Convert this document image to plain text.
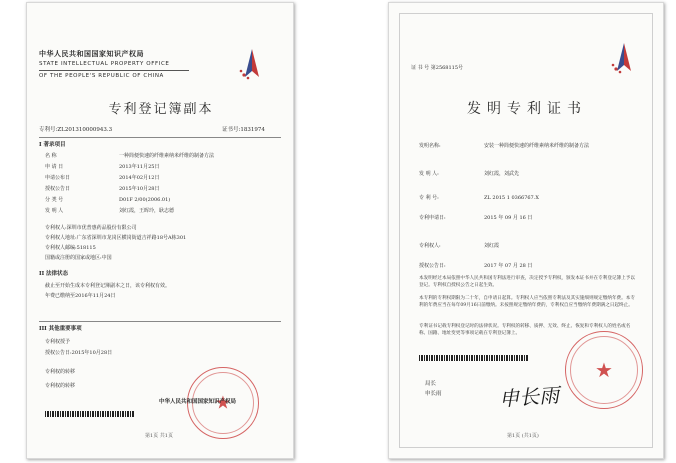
中华人民共和国国家知识产权局
STATE INTELLECTUAL PROPERTY OFFICE
OF THE PEOPLE'S REPUBLIC OF CHINA
专利登记簿副本
专利号:ZL201310000943.3	证书号:1831974
I 著录项目
名 称	一种简便快速的纤维素纳米纤维的制备方法
申 请 日	2013年11月25日
申请公布日	2014年02月12日
授权公告日	2015年10月28日
分 类 号	D01F 2/00(2006.01)
发 明 人	刘红霞，王晖玲，耿志德
专利权人:深圳市优普惠药品股份有限公司
专利权人地址:广东省深圳市龙岗区横岗街道吉祥路18号A栋301
专利权人邮编:518115
国籍或注册的国家或地区:中国
II 法律状态
截止至开始生成本专利登记簿副本之日，该专利权有效。
年费已缴纳至2016年11月24日
III 其他重要事项
专利权授予
授权公告日:2015年10月28日
专利权的转移
专利权的转移
★
中华人民共和国国家知识产权局
第1页 共1页
证 书 号 第2568115号
发明专利证书
发明名称:	安装一种简便快速的纤维素纳米纤维的制备方法
发 明 人:	刘红霞，刘武先
专 利 号:	ZL 2015 1 0366767.X
专利申请日:	2015 年 09 月 16 日
专利权人:	刘红霞
授权公告日:	2017 年 07 月 28 日
本发明经过本局依照中华人民共和国专利法进行审查，决定授予专利权，颁发本证书并在专利登记簿上予以登记。专利权自授权公告之日起生效。
本专利的专利权期限为二十年，自申请日起算。专利权人应当依照专利法及其实施细则规定缴纳年费。本专利的年费应当在每年09月16日前缴纳。未按照规定缴纳年费的，专利权自应当缴纳年费期满之日起终止。
专利证书记载专利权登记时的法律状况。专利权的转移、质押、无效、终止、恢复和专利权人的姓名或名称、国籍、地址变更等事项记载在专利登记簿上。
局长
申长雨	申长雨
★
第1页 (共1页)
